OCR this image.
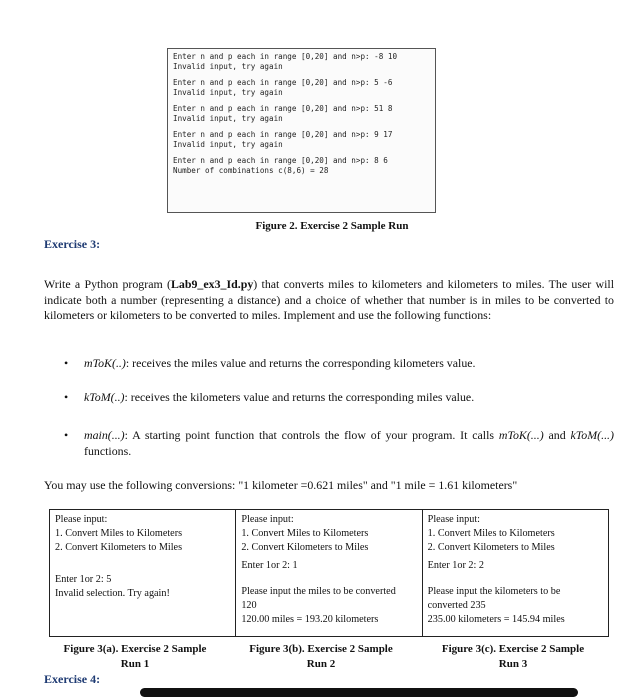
Enter n and p each in range [0,20] and n>p: -8 10
Invalid input, try again
Enter n and p each in range [0,20] and n>p: 5 -6
Invalid input, try again
Enter n and p each in range [0,20] and n>p: 51 8
Invalid input, try again
Enter n and p each in range [0,20] and n>p: 9 17
Invalid input, try again
Enter n and p each in range [0,20] and n>p: 8 6
Number of combinations c(8,6) = 28
Figure 2. Exercise 2 Sample Run
Exercise 3:
Write a Python program (Lab9_ex3_Id.py) that converts miles to kilometers and kilometers to miles. The user will indicate both a number (representing a distance) and a choice of whether that number is in miles to be converted to kilometers or kilometers to be converted to miles. Implement and use the following functions:
• mToK(..): receives the miles value and returns the corresponding kilometers value.
• kToM(..): receives the kilometers value and returns the corresponding miles value.
• main(...): A starting point function that controls the flow of your program. It calls mToK(...) and kToM(...) functions.
You may use the following conversions: "1 kilometer =0.621 miles" and "1 mile = 1.61 kilometers"
Please input:
1. Convert Miles to Kilometers
2. Convert Kilometers to Miles
Enter 1or 2: 5
Invalid selection. Try again!

Please input:
1. Convert Miles to Kilometers
2. Convert Kilometers to Miles
Enter 1or 2: 1
Please input the miles to be converted
120
120.00 miles = 193.20 kilometers

Please input:
1. Convert Miles to Kilometers
2. Convert Kilometers to Miles
Enter 1or 2: 2
Please input the kilometers to be
converted 235
235.00 kilometers = 145.94 miles
Figure 3(a). Exercise 2 Sample
Run 1
Figure 3(b). Exercise 2 Sample
Run 2
Figure 3(c). Exercise 2 Sample
Run 3
Exercise 4:
